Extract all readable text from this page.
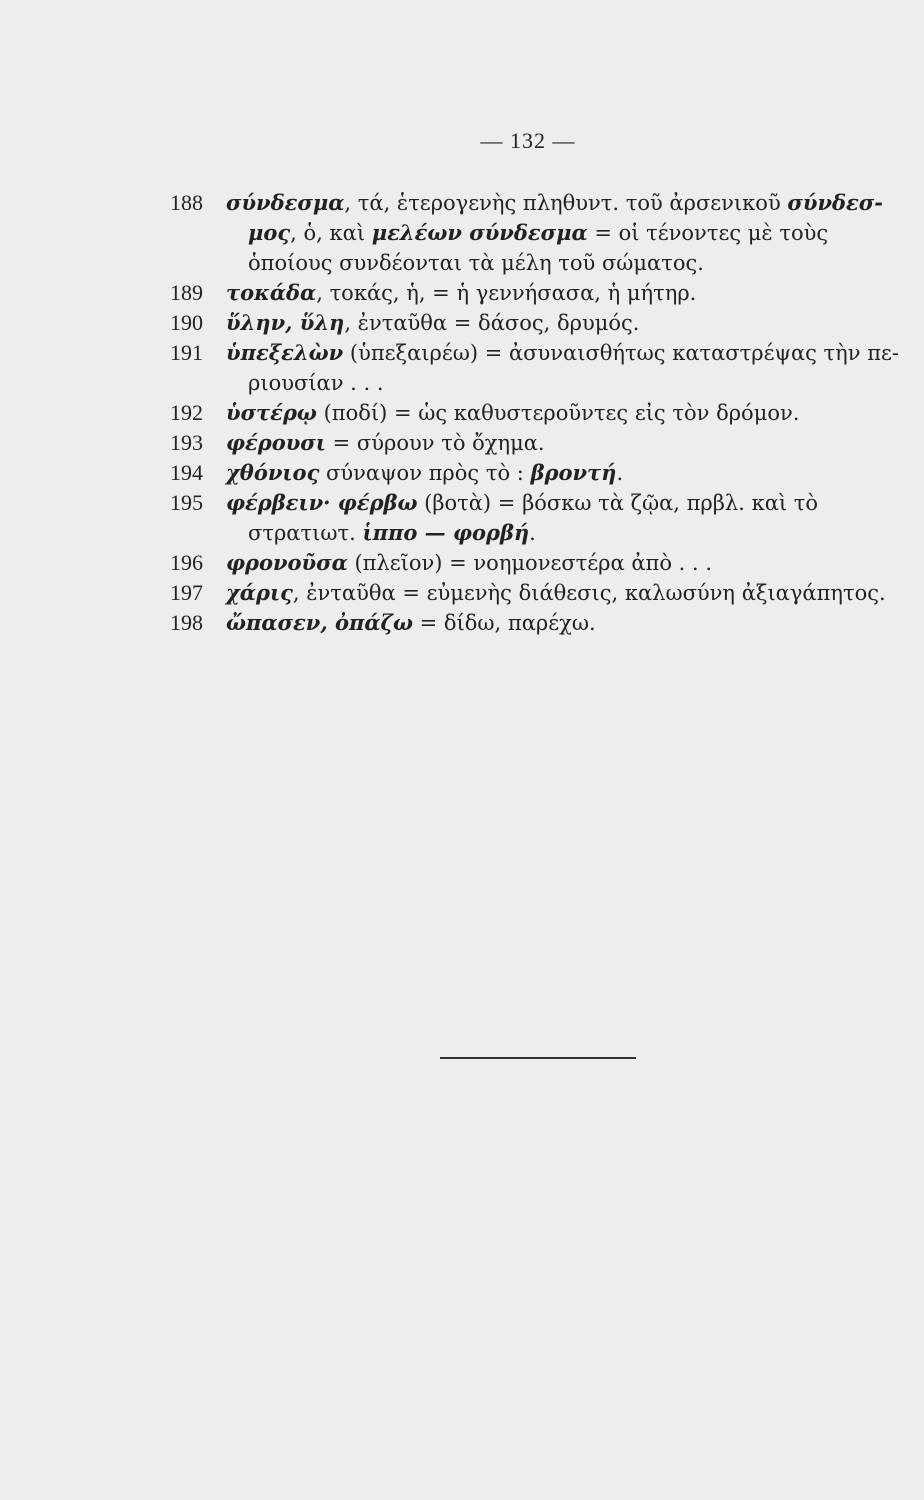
— 132 —
188 σύνδεσμα, τά, ἑτερογενὴς πληθυντ. τοῦ ἀρσενικοῦ σύνδεσ-
μος, ὁ, καὶ μελέων σύνδεσμα = οἱ τένοντες μὲ τοὺς
ὁποίους συνδέονται τὰ μέλη τοῦ σώματος.
189 τοκάδα, τοκάς, ἡ, = ἡ γεννήσασα, ἡ μήτηρ.
190 ὕλην, ὕλη, ἐνταῦθα = δάσος, δρυμός.
191 ὑπεξελὼν (ὑπεξαιρέω) = ἀσυναισθήτως καταστρέψας τὴν πε-
ριουσίαν . . .
192 ὑστέρῳ (ποδί) = ὡς καθυστεροῦντες εἰς τὸν δρόμον.
193 φέρουσι = σύρουν τὸ ὄχημα.
194 χθόνιος σύναψον πρὸς τὸ : βροντή.
195 φέρβειν· φέρβω (βοτὰ) = βόσκω τὰ ζῷα, πρβλ. καὶ τὸ
στρατιωτ. ἱππο — φορβή.
196 φρονοῦσα (πλεῖον) = νοημονεστέρα ἀπὸ . . .
197 χάρις, ἐνταῦθα = εὐμενὴς διάθεσις, καλωσύνη ἀξιαγάπητος.
198 ὤπασεν, ὀπάζω = δίδω, παρέχω.
